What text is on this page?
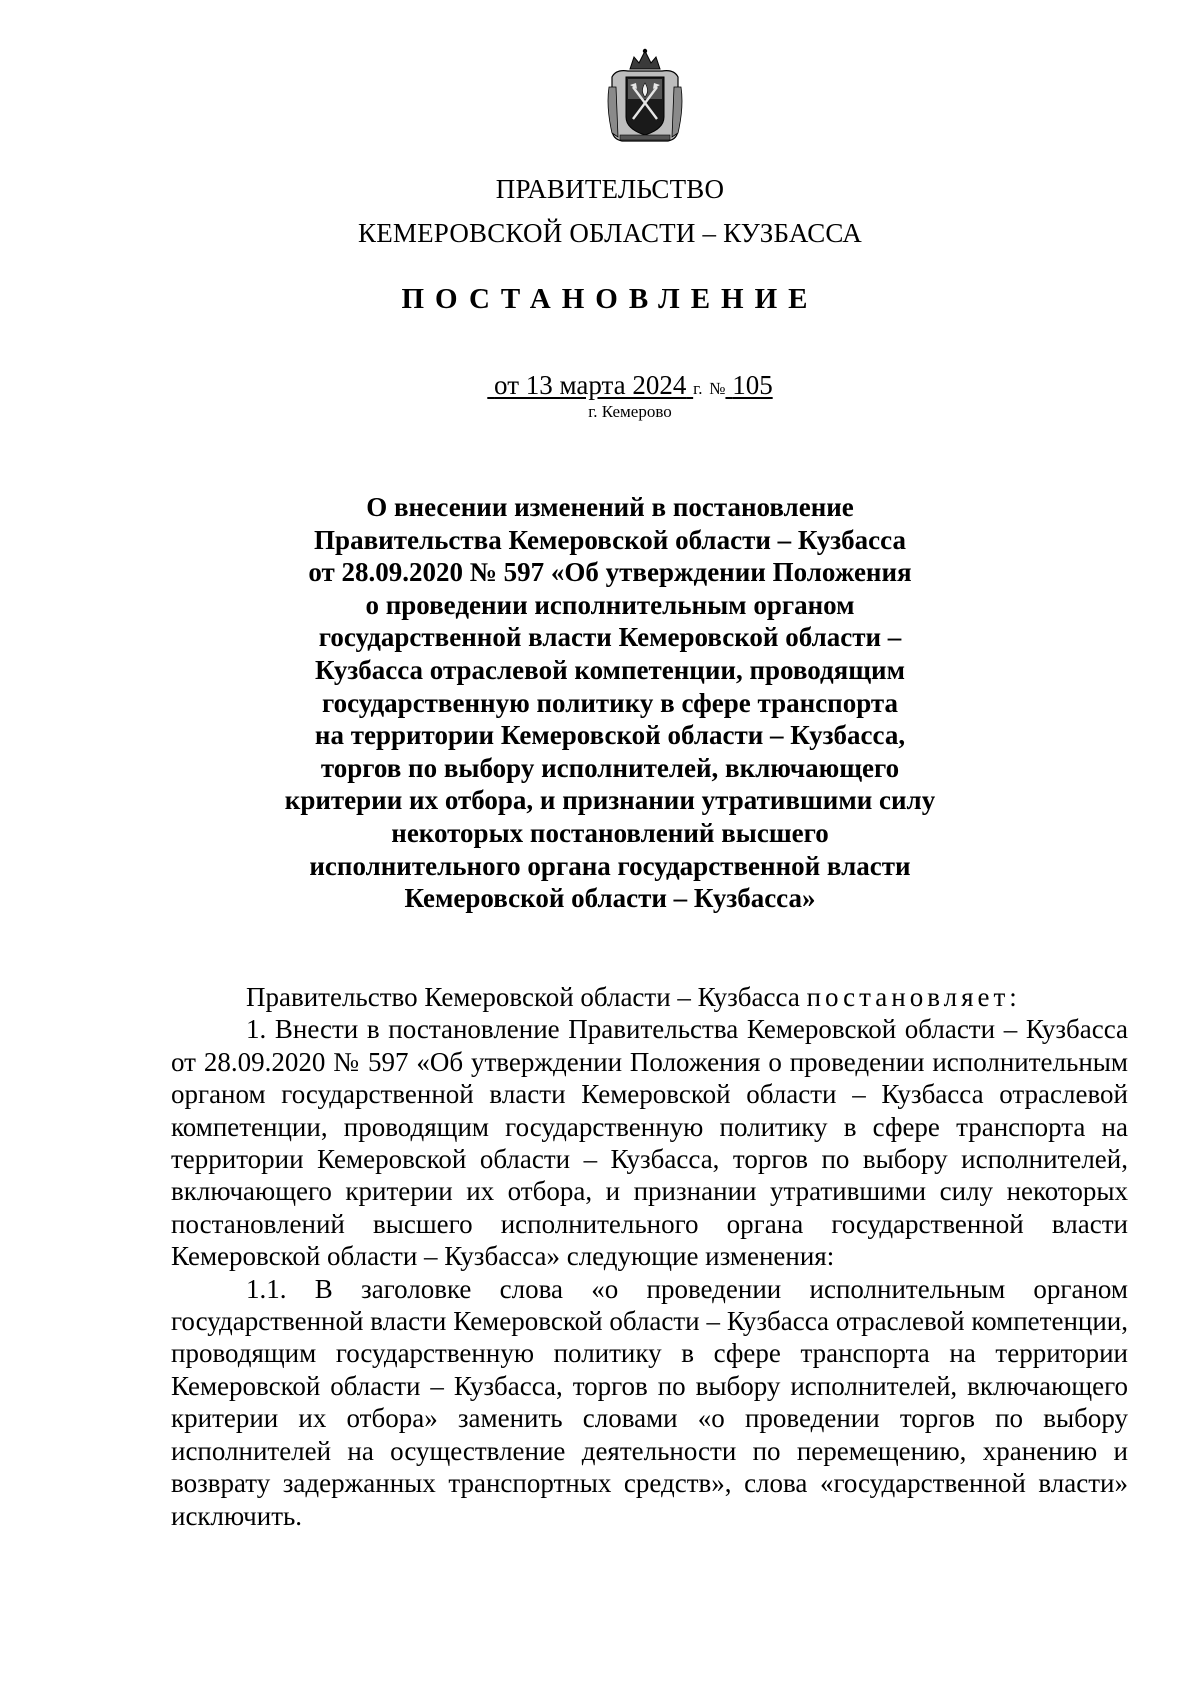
ПРАВИТЕЛЬСТВО
КЕМЕРОВСКОЙ ОБЛАСТИ – КУЗБАССА
ПОСТАНОВЛЕНИЕ
от 13 марта 2024 г. № 105
г. Кемерово
О внесении изменений в постановление
Правительства Кемеровской области – Кузбасса
от 28.09.2020 № 597 «Об утверждении Положения
о проведении исполнительным органом
государственной власти Кемеровской области –
Кузбасса отраслевой компетенции, проводящим
государственную политику в сфере транспорта
на территории Кемеровской области – Кузбасса,
торгов по выбору исполнителей, включающего
критерии их отбора, и признании утратившими силу
некоторых постановлений высшего
исполнительного органа государственной власти
Кемеровской области – Кузбасса»

Правительство Кемеровской области – Кузбасса постановляет:

1. Внести в постановление Правительства Кемеровской области – Кузбасса от 28.09.2020 № 597 «Об утверждении Положения о проведении исполнительным органом государственной власти Кемеровской области – Кузбасса отраслевой компетенции, проводящим государственную политику в сфере транспорта на территории Кемеровской области – Кузбасса, торгов по выбору исполнителей, включающего критерии их отбора, и признании утратившими силу некоторых постановлений высшего исполнительного органа государственной власти Кемеровской области – Кузбасса» следующие изменения:

1.1. В заголовке слова «о проведении исполнительным органом государственной власти Кемеровской области – Кузбасса отраслевой компетенции, проводящим государственную политику в сфере транспорта на территории Кемеровской области – Кузбасса, торгов по выбору исполнителей, включающего критерии их отбора» заменить словами «о проведении торгов по выбору исполнителей на осуществление деятельности по перемещению, хранению и возврату задержанных транспортных средств», слова «государственной власти» исключить.
